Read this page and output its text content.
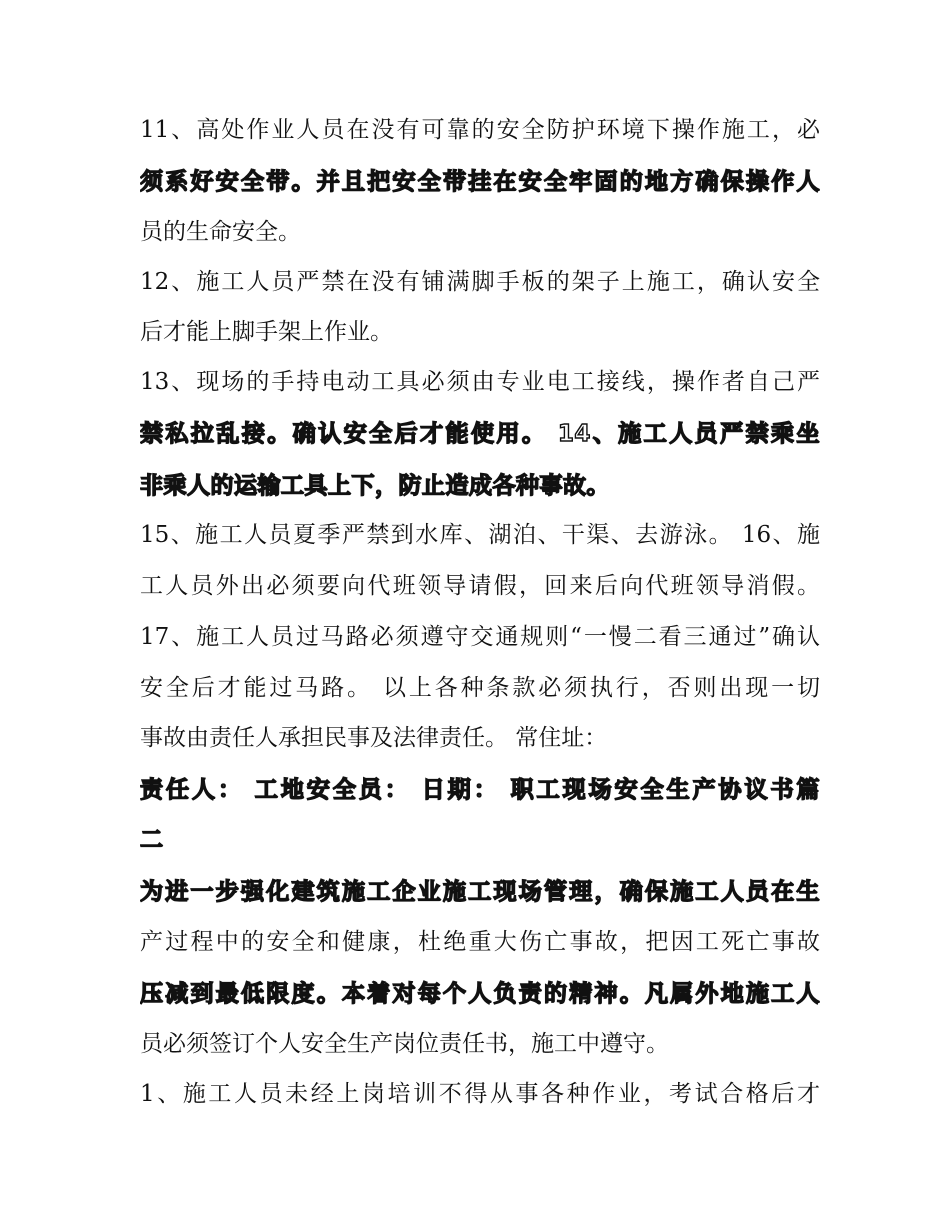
11、高处作业人员在没有可靠的安全防护环境下操作施工，必
须系好安全带。并且把安全带挂在安全牢固的地方确保操作人
员的生命安全。
12、施工人员严禁在没有铺满脚手板的架子上施工，确认安全
后才能上脚手架上作业。
13、现场的手持电动工具必须由专业电工接线，操作者自己严
禁私拉乱接。确认安全后才能使用。 14、施工人员严禁乘坐
非乘人的运输工具上下，防止造成各种事故。
15、施工人员夏季严禁到水库、湖泊、干渠、去游泳。 16、施
工人员外出必须要向代班领导请假，回来后向代班领导消假。
17、施工人员过马路必须遵守交通规则“一慢二看三通过”确认
安全后才能过马路。 以上各种条款必须执行，否则出现一切
事故由责任人承担民事及法律责任。 常住址：
责任人： 工地安全员： 日期： 职工现场安全生产协议书篇
二
为进一步强化建筑施工企业施工现场管理，确保施工人员在生
产过程中的安全和健康，杜绝重大伤亡事故，把因工死亡事故
压减到最低限度。本着对每个人负责的精神。凡属外地施工人
员必须签订个人安全生产岗位责任书，施工中遵守。
1、施工人员未经上岗培训不得从事各种作业，考试合格后才
